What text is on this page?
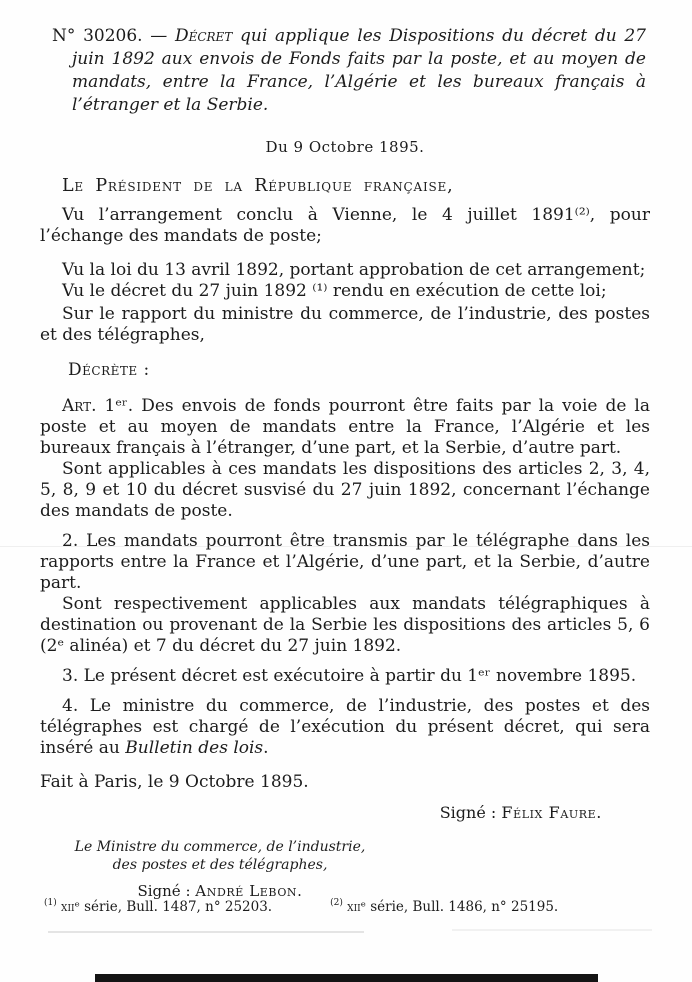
N° 30206. — Décret qui applique les Dispositions du décret du 27 juin 1892 aux envois de Fonds faits par la poste, et au moyen de mandats, entre la France, l’Algérie et les bureaux français à l’étranger et la Serbie.

Du 9 Octobre 1895.
Le Président de la République française,

Vu l’arrangement conclu à Vienne, le 4 juillet 1891⁽²⁾, pour l’échange des mandats de poste;

Vu la loi du 13 avril 1892, portant approbation de cet arrangement;

Vu le décret du 27 juin 1892 ⁽¹⁾ rendu en exécution de cette loi;

Sur le rapport du ministre du commerce, de l’industrie, des postes et des télégraphes,

Décrète :

Art. 1ᵉʳ. Des envois de fonds pourront être faits par la voie de la poste et au moyen de mandats entre la France, l’Algérie et les bureaux français à l’étranger, d’une part, et la Serbie, d’autre part.

Sont applicables à ces mandats les dispositions des articles 2, 3, 4, 5, 8, 9 et 10 du décret susvisé du 27 juin 1892, concernant l’échange des mandats de poste.

2. Les mandats pourront être transmis par le télégraphe dans les rapports entre la France et l’Algérie, d’une part, et la Serbie, d’autre part.

Sont respectivement applicables aux mandats télégraphiques à destination ou provenant de la Serbie les dispositions des articles 5, 6 (2ᵉ alinéa) et 7 du décret du 27 juin 1892.

3. Le présent décret est exécutoire à partir du 1ᵉʳ novembre 1895.

4. Le ministre du commerce, de l’industrie, des postes et des télégraphes est chargé de l’exécution du présent décret, qui sera inséré au Bulletin des lois.

Fait à Paris, le 9 Octobre 1895.
Signé : Félix Faure.
Le Ministre du commerce, de l’industrie,
des postes et des télégraphes,
Signé : André Lebon.
$^{(1)}$ xiiᵉ série, Bull. 1487, n° 25203.	$^{(2)}$ xiiᵉ série, Bull. 1486, n° 25195.
